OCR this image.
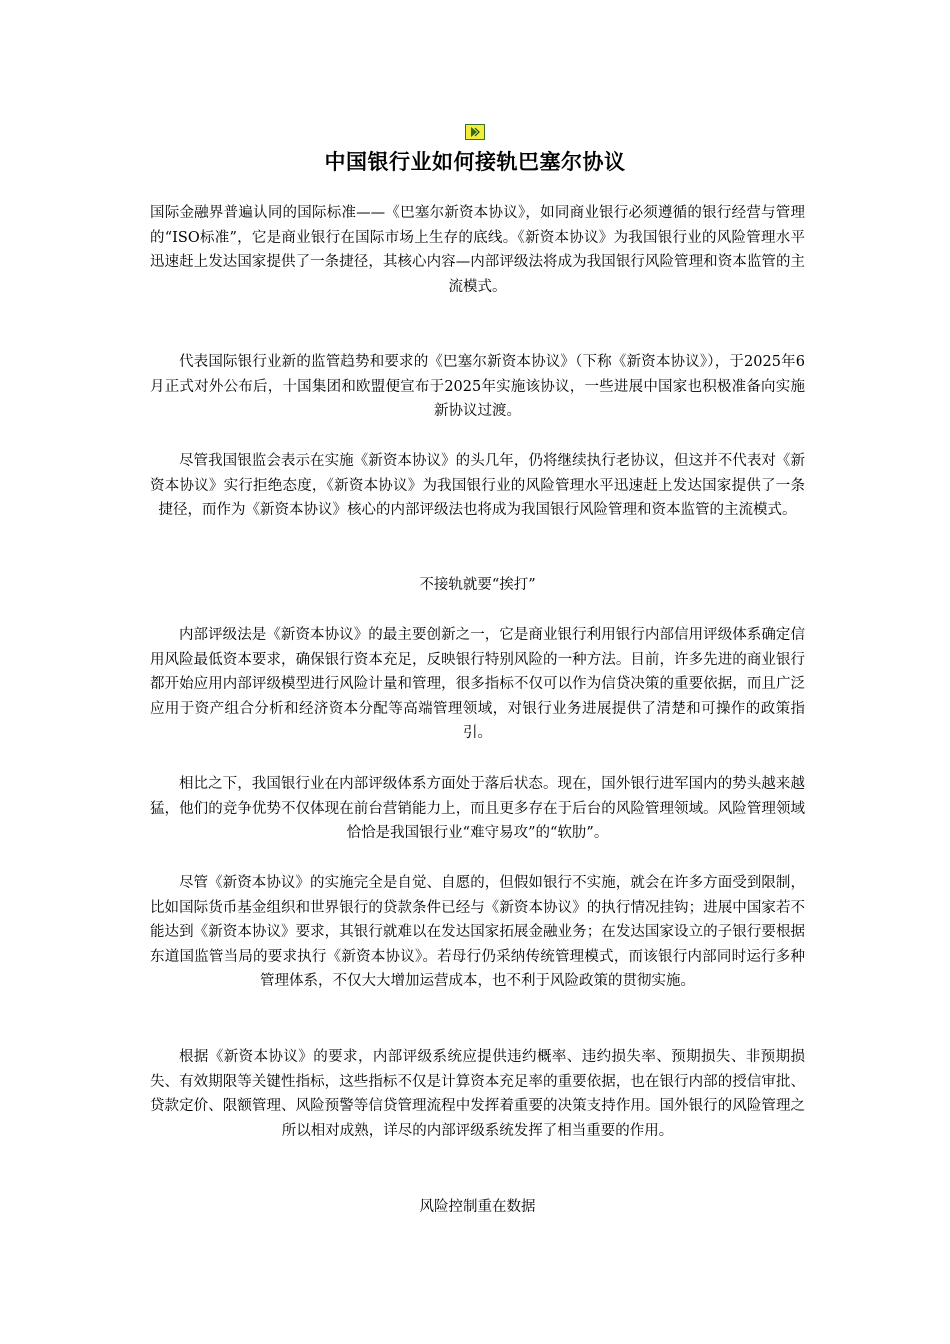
中国银行业如何接轨巴塞尔协议

国际金融界普遍认同的国际标准——《巴塞尔新资本协议》，如同商业银行必须遵循的银行经营与管理的“ISO标准”，它是商业银行在国际市场上生存的底线。《新资本协议》为我国银行业的风险管理水平迅速赶上发达国家提供了一条捷径，其核心内容—内部评级法将成为我国银行风险管理和资本监管的主流模式。

代表国际银行业新的监管趋势和要求的《巴塞尔新资本协议》（下称《新资本协议》），于2025年6月正式对外公布后，十国集团和欧盟便宣布于2025年实施该协议，一些进展中国家也积极准备向实施新协议过渡。

尽管我国银监会表示在实施《新资本协议》的头几年，仍将继续执行老协议，但这并不代表对《新资本协议》实行拒绝态度，《新资本协议》为我国银行业的风险管理水平迅速赶上发达国家提供了一条捷径，而作为《新资本协议》核心的内部评级法也将成为我国银行风险管理和资本监管的主流模式。

不接轨就要“挨打”

内部评级法是《新资本协议》的最主要创新之一，它是商业银行利用银行内部信用评级体系确定信用风险最低资本要求，确保银行资本充足，反映银行特别风险的一种方法。目前，许多先进的商业银行都开始应用内部评级模型进行风险计量和管理，很多指标不仅可以作为信贷决策的重要依据，而且广泛应用于资产组合分析和经济资本分配等高端管理领域，对银行业务进展提供了清楚和可操作的政策指引。

相比之下，我国银行业在内部评级体系方面处于落后状态。现在，国外银行进军国内的势头越来越猛，他们的竞争优势不仅体现在前台营销能力上，而且更多存在于后台的风险管理领域。风险管理领域恰恰是我国银行业“难守易攻”的“软肋”。

尽管《新资本协议》的实施完全是自觉、自愿的，但假如银行不实施，就会在许多方面受到限制，比如国际货币基金组织和世界银行的贷款条件已经与《新资本协议》的执行情况挂钩；进展中国家若不能达到《新资本协议》要求，其银行就难以在发达国家拓展金融业务；在发达国家设立的子银行要根据东道国监管当局的要求执行《新资本协议》。若母行仍采纳传统管理模式，而该银行内部同时运行多种管理体系，不仅大大增加运营成本，也不利于风险政策的贯彻实施。

根据《新资本协议》的要求，内部评级系统应提供违约概率、违约损失率、预期损失、非预期损失、有效期限等关键性指标，这些指标不仅是计算资本充足率的重要依据，也在银行内部的授信审批、贷款定价、限额管理、风险预警等信贷管理流程中发挥着重要的决策支持作用。国外银行的风险管理之所以相对成熟，详尽的内部评级系统发挥了相当重要的作用。

风险控制重在数据
